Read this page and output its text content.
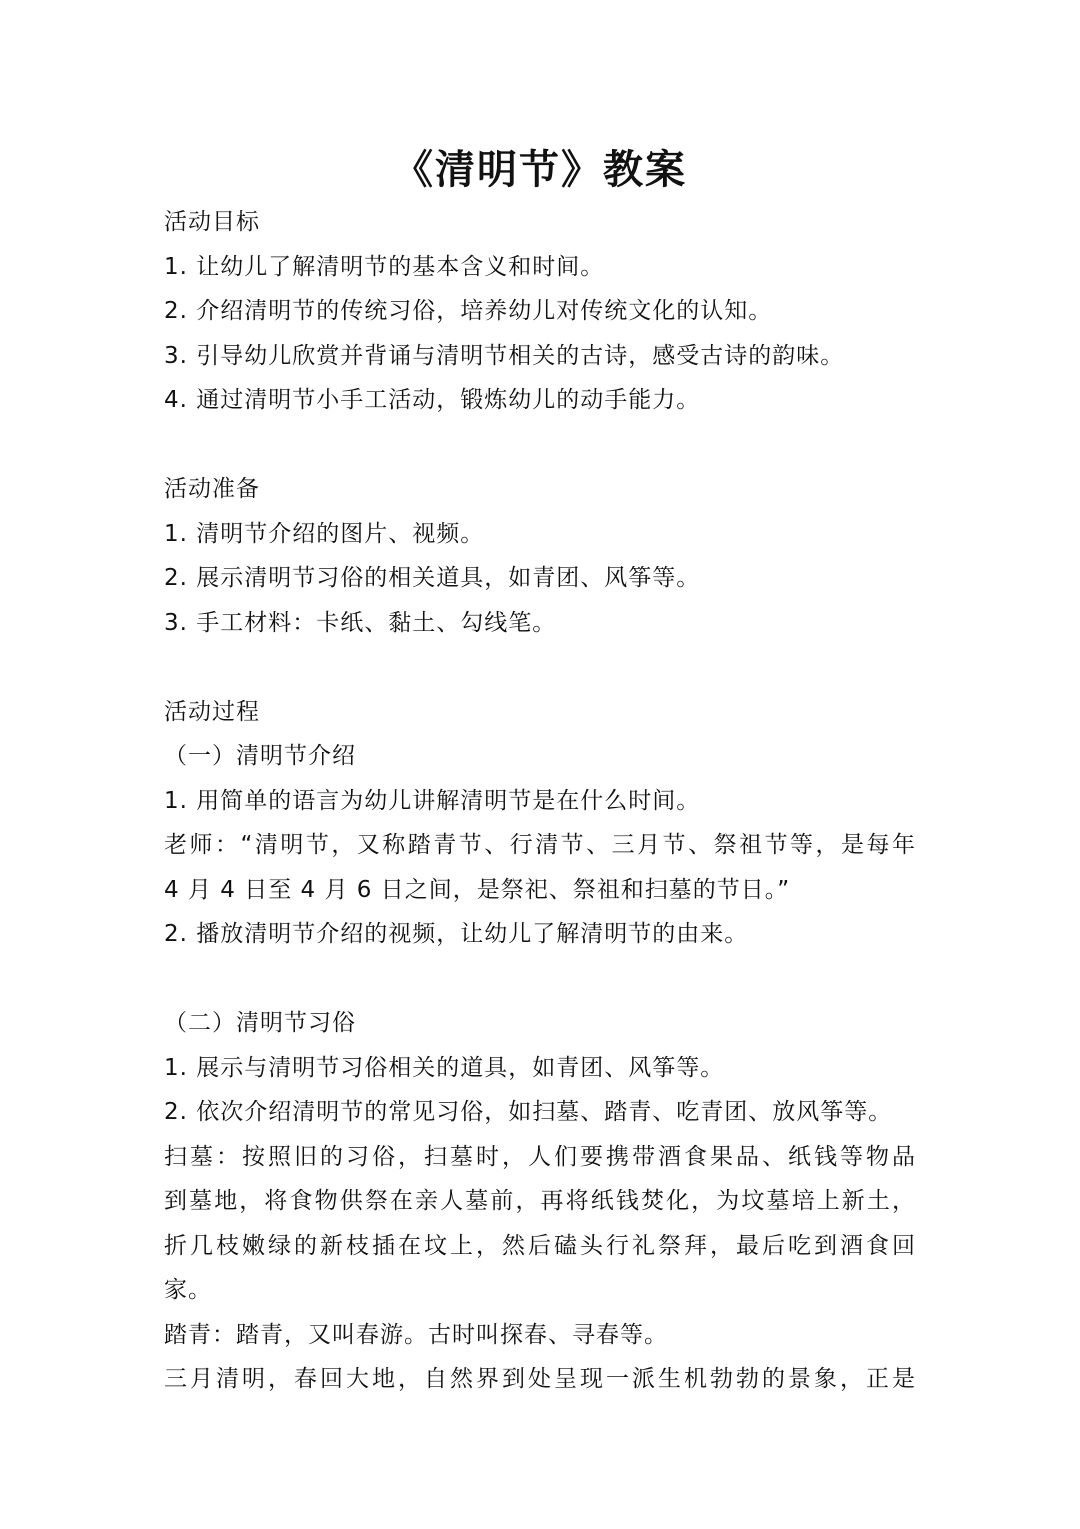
《清明节》教案
活动目标
1. 让幼儿了解清明节的基本含义和时间。
2. 介绍清明节的传统习俗，培养幼儿对传统文化的认知。
3. 引导幼儿欣赏并背诵与清明节相关的古诗，感受古诗的韵味。
4. 通过清明节小手工活动，锻炼幼儿的动手能力。
活动准备
1. 清明节介绍的图片、视频。
2. 展示清明节习俗的相关道具，如青团、风筝等。
3. 手工材料：卡纸、黏土、勾线笔。
活动过程
（一）清明节介绍
1. 用简单的语言为幼儿讲解清明节是在什么时间。
老师：“清明节，又称踏青节、行清节、三月节、祭祖节等，是每年
4 月 4 日至 4 月 6 日之间，是祭祀、祭祖和扫墓的节日。”
2. 播放清明节介绍的视频，让幼儿了解清明节的由来。
（二）清明节习俗
1. 展示与清明节习俗相关的道具，如青团、风筝等。
2. 依次介绍清明节的常见习俗，如扫墓、踏青、吃青团、放风筝等。
扫墓：按照旧的习俗，扫墓时，人们要携带酒食果品、纸钱等物品
到墓地，将食物供祭在亲人墓前，再将纸钱焚化，为坟墓培上新土，
折几枝嫩绿的新枝插在坟上，然后磕头行礼祭拜，最后吃到酒食回
家。
踏青：踏青，又叫春游。古时叫探春、寻春等。
三月清明，春回大地，自然界到处呈现一派生机勃勃的景象，正是
